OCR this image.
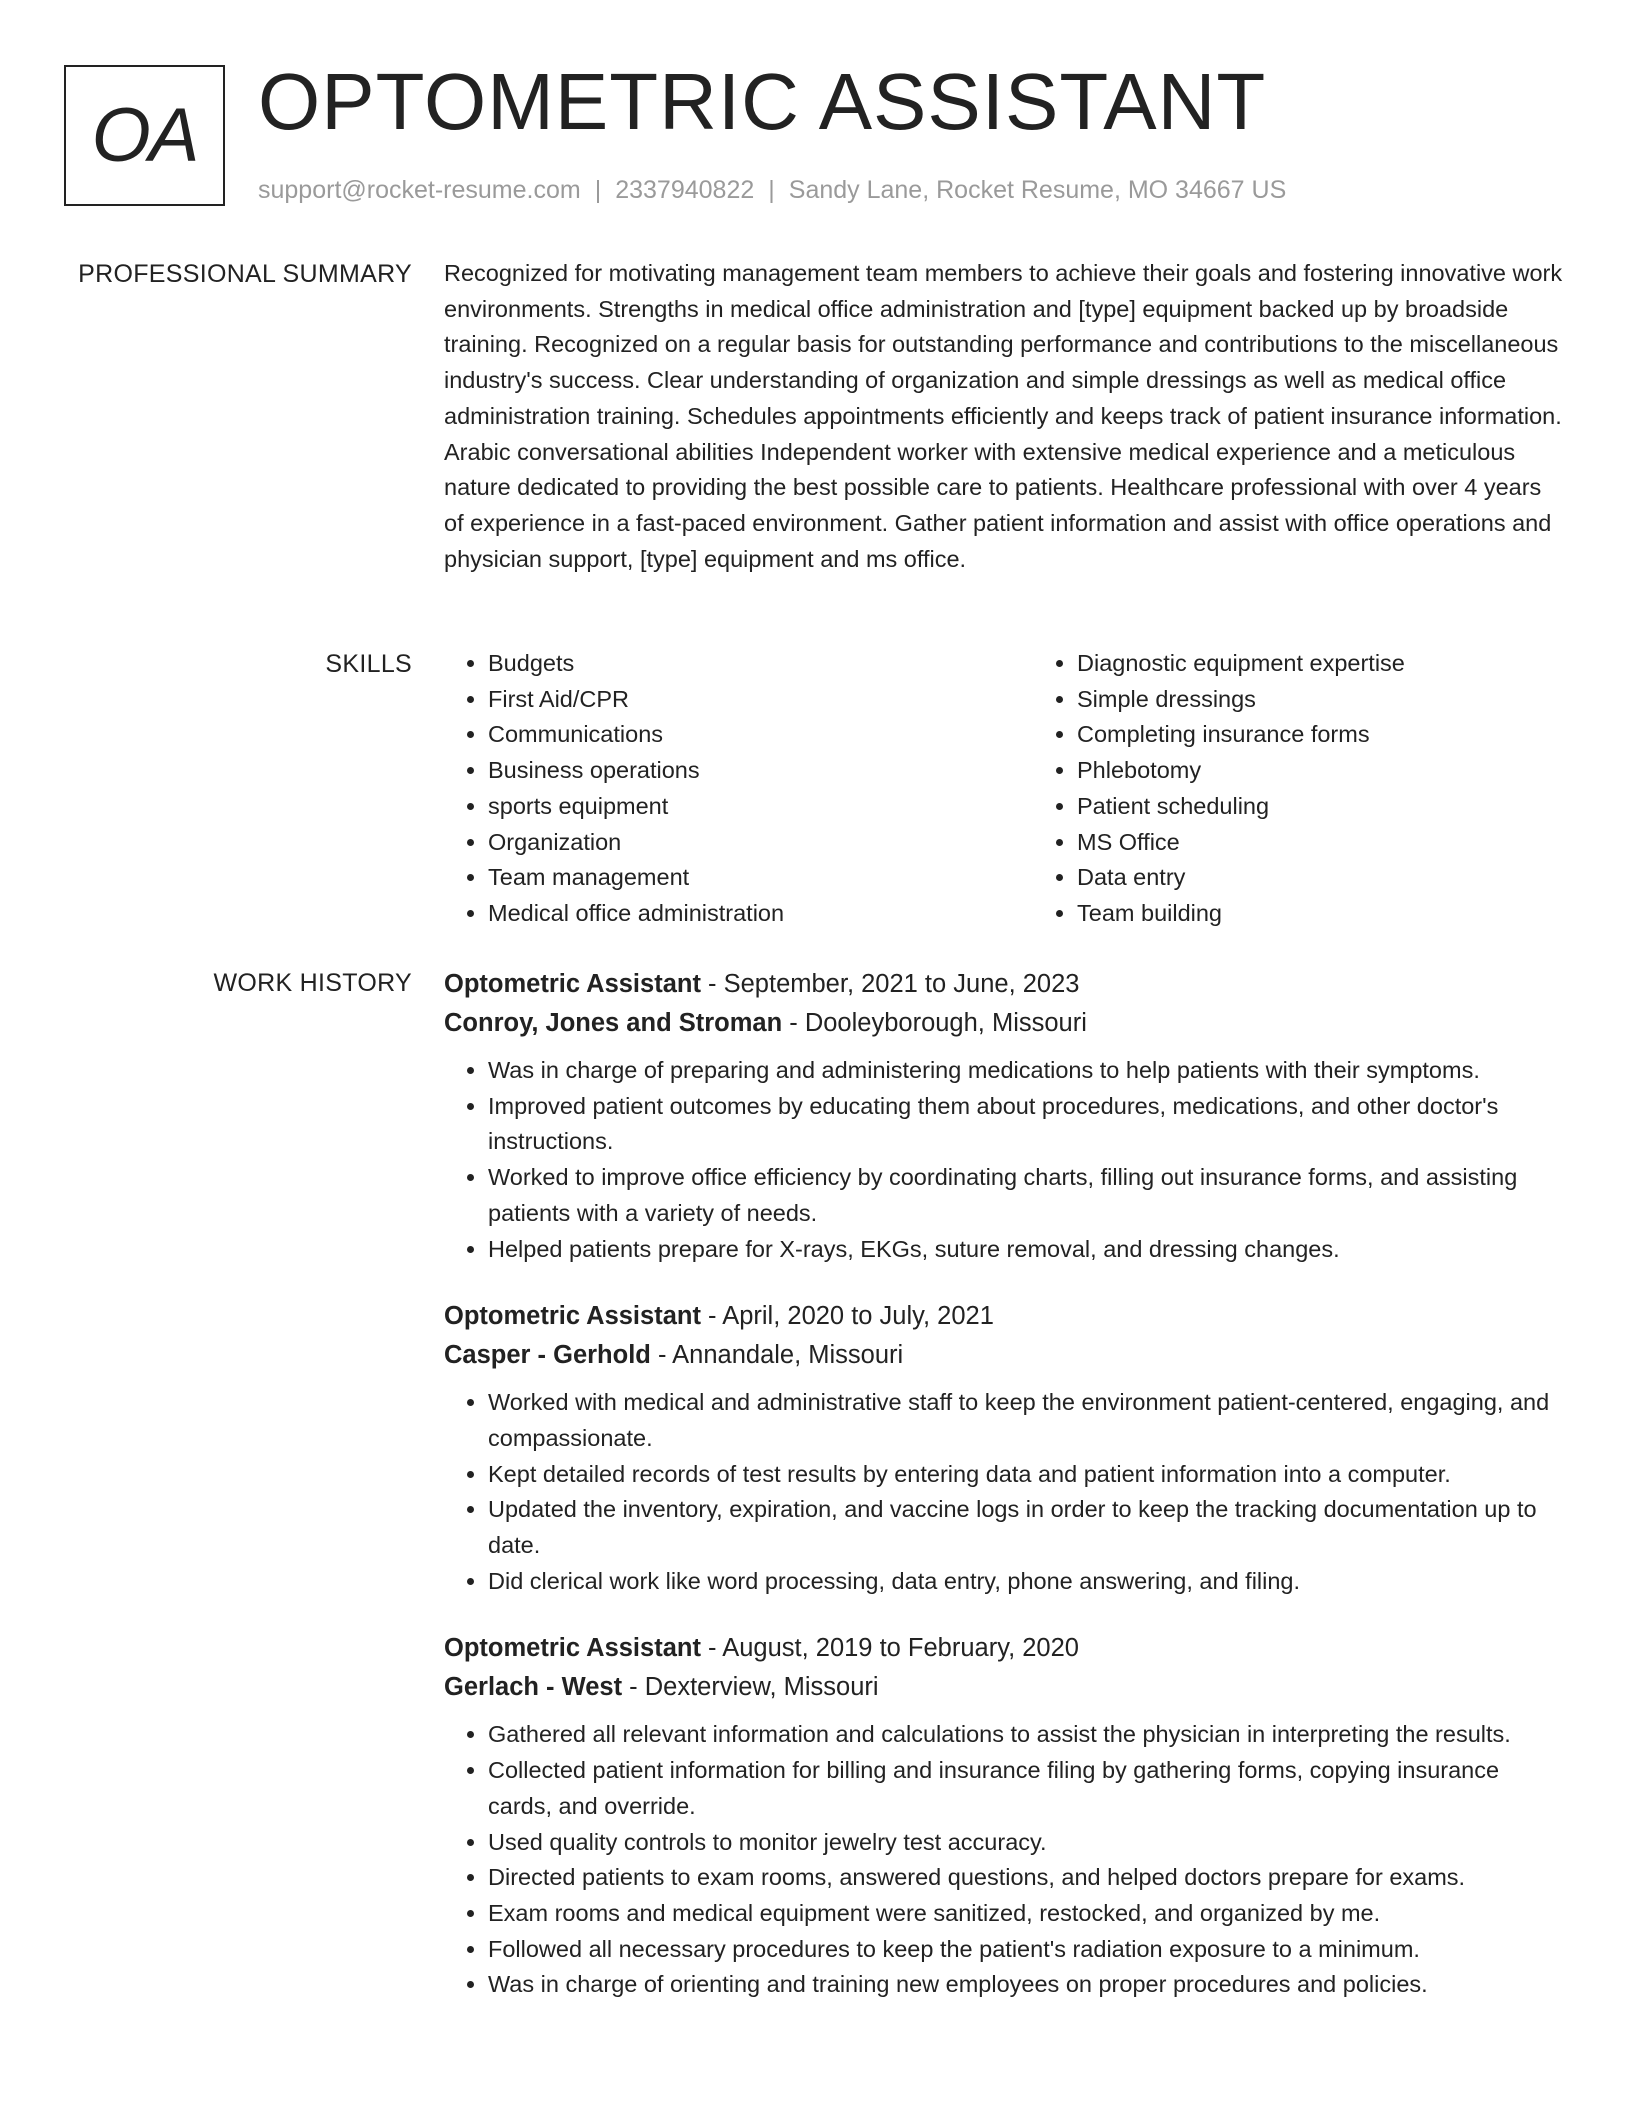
OA OPTOMETRIC ASSISTANT
support@rocket-resume.com | 2337940822 | Sandy Lane, Rocket Resume, MO 34667 US
PROFESSIONAL SUMMARY Recognized for motivating management team members to achieve their goals and fostering innovative work environments. Strengths in medical office administration and [type] equipment backed up by broadside training. Recognized on a regular basis for outstanding performance and contributions to the miscellaneous industry's success. Clear understanding of organization and simple dressings as well as medical office administration training. Schedules appointments efficiently and keeps track of patient insurance information. Arabic conversational abilities Independent worker with extensive medical experience and a meticulous nature dedicated to providing the best possible care to patients. Healthcare professional with over 4 years of experience in a fast-paced environment. Gather patient information and assist with office operations and physician support, [type] equipment and ms office.

SKILLS
•	Budgets
• First Aid/CPR
• Communications
• Business operations
• sports equipment
• Organization
• Team management
• Medical office administration
• Diagnostic equipment expertise
• Simple dressings
• Completing insurance forms
• Phlebotomy
• Patient scheduling
• MS Office
• Data entry
• Team building
WORK HISTORY Optometric Assistant - September, 2021 to June, 2023
Conroy, Jones and Stroman - Dooleyborough, Missouri
• Was in charge of preparing and administering medications to help patients with their symptoms.
• Improved patient outcomes by educating them about procedures, medications, and other doctor's instructions.
• Worked to improve office efficiency by coordinating charts, filling out insurance forms, and assisting patients with a variety of needs.
• Helped patients prepare for X-rays, EKGs, suture removal, and dressing changes.
Optometric Assistant - April, 2020 to July, 2021
Casper - Gerhold - Annandale, Missouri
• Worked with medical and administrative staff to keep the environment patient-centered, engaging, and compassionate.
• Kept detailed records of test results by entering data and patient information into a computer.
• Updated the inventory, expiration, and vaccine logs in order to keep the tracking documentation up to date.
• Did clerical work like word processing, data entry, phone answering, and filing.
Optometric Assistant - August, 2019 to February, 2020
Gerlach - West - Dexterview, Missouri
• Gathered all relevant information and calculations to assist the physician in interpreting the results.
• Collected patient information for billing and insurance filing by gathering forms, copying insurance cards, and override.
• Used quality controls to monitor jewelry test accuracy.
• Directed patients to exam rooms, answered questions, and helped doctors prepare for exams.
• Exam rooms and medical equipment were sanitized, restocked, and organized by me.
• Followed all necessary procedures to keep the patient's radiation exposure to a minimum.
• Was in charge of orienting and training new employees on proper procedures and policies.
